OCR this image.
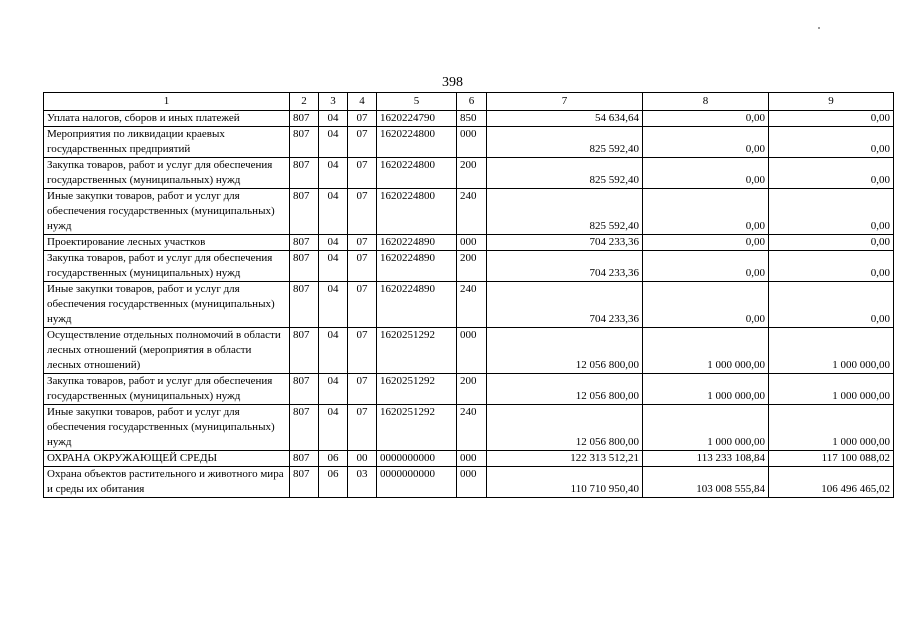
398
1	2	3	4	5	6	7	8	9
Уплата налогов, сборов и иных платежей	807	04	07	1620224790	850	54 634,64	0,00	0,00
Мероприятия по ликвидации краевых государственных предприятий	807	04	07	1620224800	000	825 592,40	0,00	0,00
Закупка товаров, работ и услуг для обеспечения государственных (муниципальных) нужд	807	04	07	1620224800	200	825 592,40	0,00	0,00
Иные закупки товаров, работ и услуг для обеспечения государственных (муниципальных) нужд	807	04	07	1620224800	240	825 592,40	0,00	0,00
Проектирование лесных участков	807	04	07	1620224890	000	704 233,36	0,00	0,00
Закупка товаров, работ и услуг для обеспечения государственных (муниципальных) нужд	807	04	07	1620224890	200	704 233,36	0,00	0,00
Иные закупки товаров, работ и услуг для обеспечения государственных (муниципальных) нужд	807	04	07	1620224890	240	704 233,36	0,00	0,00
Осуществление отдельных полномочий в области лесных отношений (мероприятия в области лесных отношений)	807	04	07	1620251292	000	12 056 800,00	1 000 000,00	1 000 000,00
Закупка товаров, работ и услуг для обеспечения государственных (муниципальных) нужд	807	04	07	1620251292	200	12 056 800,00	1 000 000,00	1 000 000,00
Иные закупки товаров, работ и услуг для обеспечения государственных (муниципальных) нужд	807	04	07	1620251292	240	12 056 800,00	1 000 000,00	1 000 000,00
ОХРАНА ОКРУЖАЮЩЕЙ СРЕДЫ	807	06	00	0000000000	000	122 313 512,21	113 233 108,84	117 100 088,02
Охрана объектов растительного и животного мира и среды их обитания	807	06	03	0000000000	000	110 710 950,40	103 008 555,84	106 496 465,02
